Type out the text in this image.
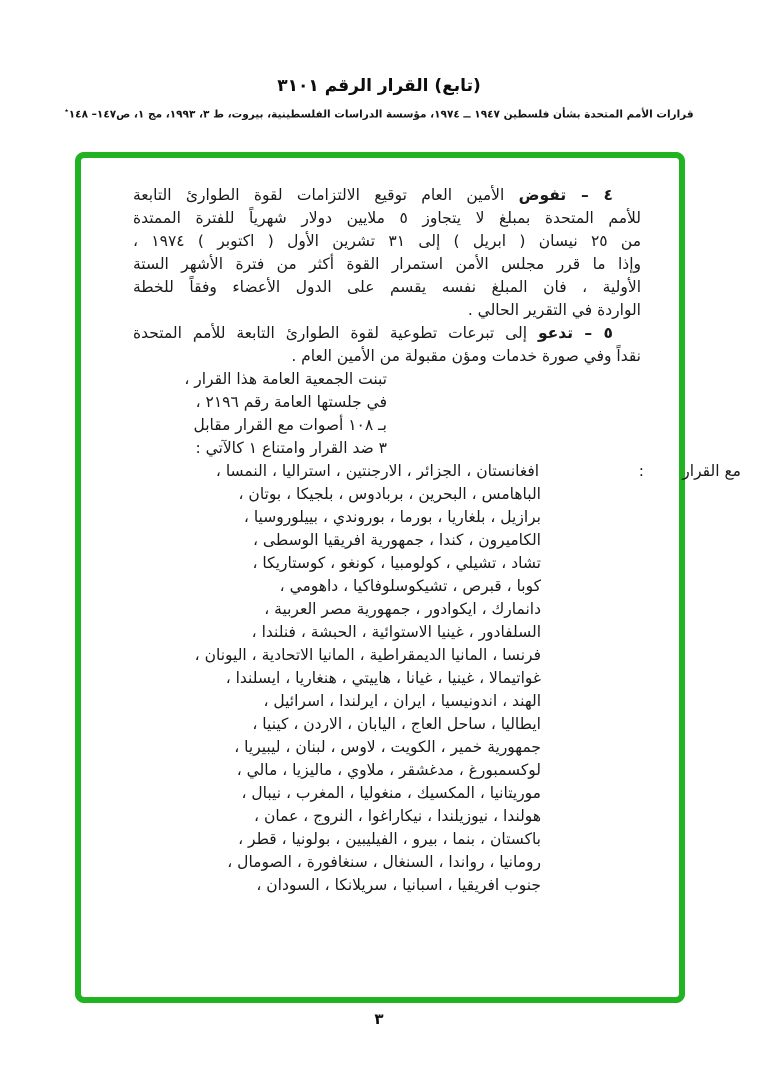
(تابع) القرار الرقم ٣١٠١
قرارات الأمم المتحدة بشأن فلسطين ١٩٤٧ ــ ١٩٧٤، مؤسسة الدراسات الفلسطينية، بيروت، ط ٣، ١٩٩٣، مج ١، ص١٤٧– ١٤٨٭
٤ – تفوض الأمين العام توقيع الالتزامات لقوة الطوارئ التابعة
للأمم المتحدة بمبلغ لا يتجاوز ٥ ملايين دولار شهرياً للفترة الممتدة
من ٢٥ نيسان ( ابريل ) إلى ٣١ تشرين الأول ( اكتوبر ) ١٩٧٤ ،
وإذا ما قرر مجلس الأمن استمرار القوة أكثر من فترة الأشهر الستة
الأولية ، فان المبلغ نفسه يقسم على الدول الأعضاء وفقاً للخطة
الواردة في التقرير الحالي .
٥ – تدعو إلى تبرعات تطوعية لقوة الطوارئ التابعة للأمم المتحدة
نقداً وفي صورة خدمات ومؤن مقبولة من الأمين العام .
تبنت الجمعية العامة هذا القرار ،
في جلستها العامة رقم ٢١٩٦ ،
بـ ١٠٨ أصوات مع القرار مقابل
٣ ضد القرار وامتناع ١ كالآتي :
مع القرار
:
افغانستان ، الجزائر ، الارجنتين ، استراليا ، النمسا ،
الباهامس ، البحرين ، بربادوس ، بلجيكا ، بوتان ،
برازيل ، بلغاريا ، بورما ، بوروندي ، بييلوروسيا ،
الكاميرون ، كندا ، جمهورية افريقيا الوسطى ،
تشاد ، تشيلي ، كولومبيا ، كونغو ، كوستاريكا ،
كوبا ، قبرص ، تشيكوسلوفاكيا ، داهومي ،
دانمارك ، ايكوادور ، جمهورية مصر العربية ،
السلفادور ، غينيا الاستوائية ، الحبشة ، فنلندا ،
فرنسا ، المانيا الديمقراطية ، المانيا الاتحادية ، اليونان ،
غواتيمالا ، غينيا ، غيانا ، هاييتي ، هنغاريا ، ايسلندا ،
الهند ، اندونيسيا ، ايران ، ايرلندا ، اسرائيل ،
ايطاليا ، ساحل العاج ، اليابان ، الاردن ، كينيا ،
جمهورية خمير ، الكويت ، لاوس ، لبنان ، ليبيريا ،
لوكسمبورغ ، مدغشقر ، ملاوي ، ماليزيا ، مالي ،
موريتانيا ، المكسيك ، منغوليا ، المغرب ، نيبال ،
هولندا ، نيوزيلندا ، نيكاراغوا ، النروج ، عمان ،
باكستان ، بنما ، بيرو ، الفيليبين ، بولونيا ، قطر ،
رومانيا ، رواندا ، السنغال ، سنغافورة ، الصومال ،
جنوب افريقيا ، اسبانيا ، سريلانكا ، السودان ،
٣
